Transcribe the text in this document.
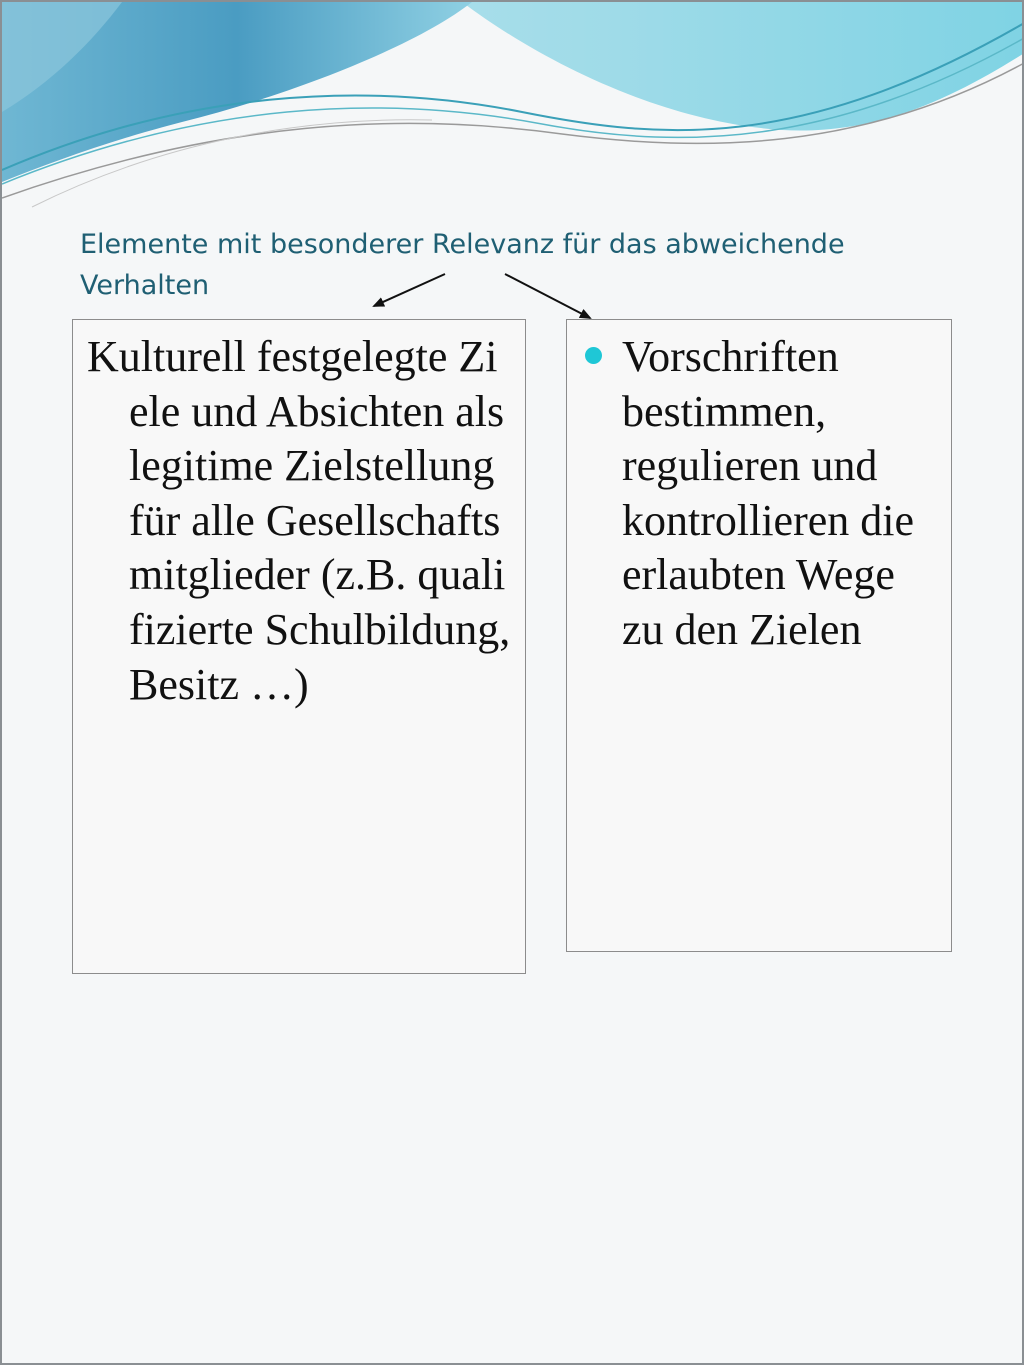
Elemente mit besonderer Relevanz für das abweichende Verhalten
Kulturell festgelegte Ziele und Absichten als legitime Zielstellung für alle Gesellschaftsmitglieder (z.B. qualifizierte Schulbildung, Besitz …)
Vorschriften bestimmen, regulieren und kontrollieren die erlaubten Wege zu den Zielen
